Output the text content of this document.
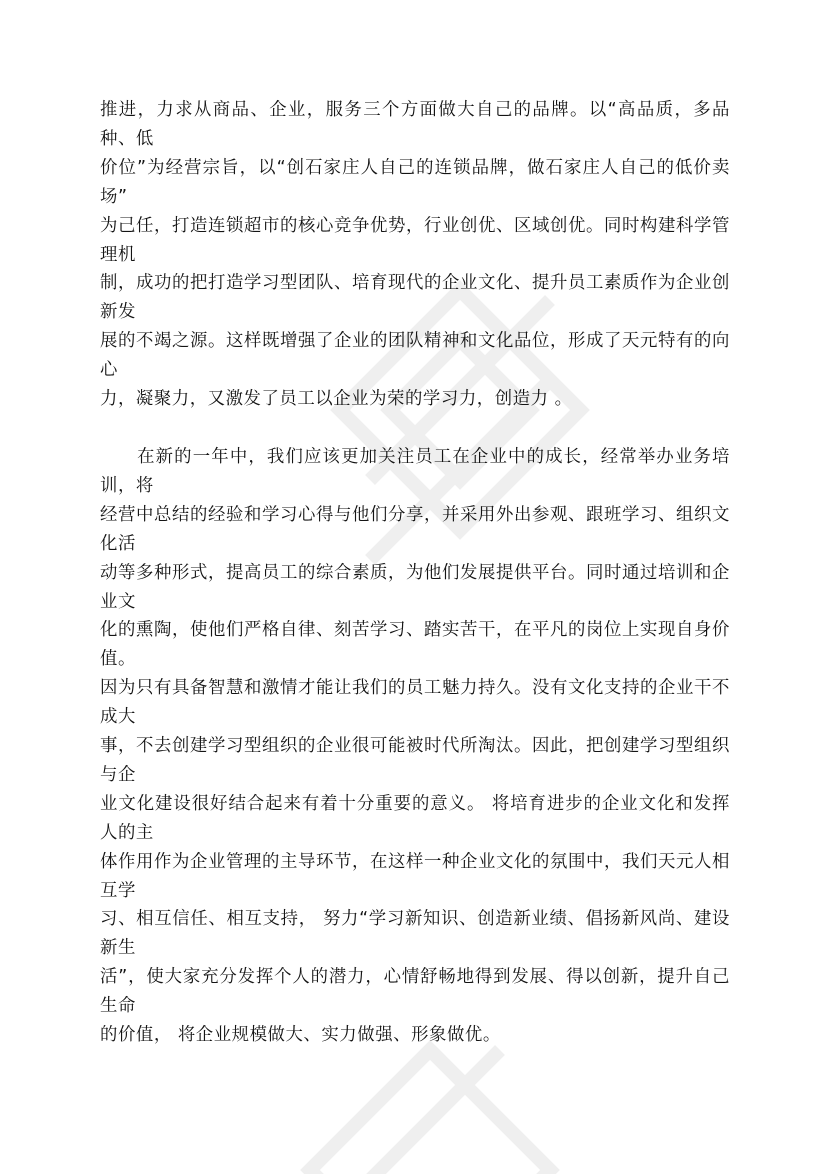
推进，力求从商品、企业，服务三个方面做大自己的品牌。以“高品质，多品种、低
价位”为经营宗旨，以“创石家庄人自己的连锁品牌，做石家庄人自己的低价卖场”
为己任，打造连锁超市的核心竞争优势，行业创优、区域创优。同时构建科学管理机
制，成功的把打造学习型团队、培育现代的企业文化、提升员工素质作为企业创新发
展的不竭之源。这样既增强了企业的团队精神和文化品位，形成了天元特有的向心
力，凝聚力，又激发了员工以企业为荣的学习力，创造力 。

　　在新的一年中，我们应该更加关注员工在企业中的成长，经常举办业务培训，将
经营中总结的经验和学习心得与他们分享，并采用外出参观、跟班学习、组织文化活
动等多种形式，提高员工的综合素质，为他们发展提供平台。同时通过培训和企业文
化的熏陶，使他们严格自律、刻苦学习、踏实苦干，在平凡的岗位上实现自身价值。
因为只有具备智慧和激情才能让我们的员工魅力持久。没有文化支持的企业干不成大
事，不去创建学习型组织的企业很可能被时代所淘汰。因此，把创建学习型组织与企
业文化建设很好结合起来有着十分重要的意义。 将培育进步的企业文化和发挥人的主
体作用作为企业管理的主导环节，在这样一种企业文化的氛围中，我们天元人相互学
习、相互信任、相互支持， 努力“学习新知识、创造新业绩、倡扬新风尚、建设新生
活”，使大家充分发挥个人的潜力，心情舒畅地得到发展、得以创新，提升自己生命
的价值， 将企业规模做大、实力做强、形象做优。
